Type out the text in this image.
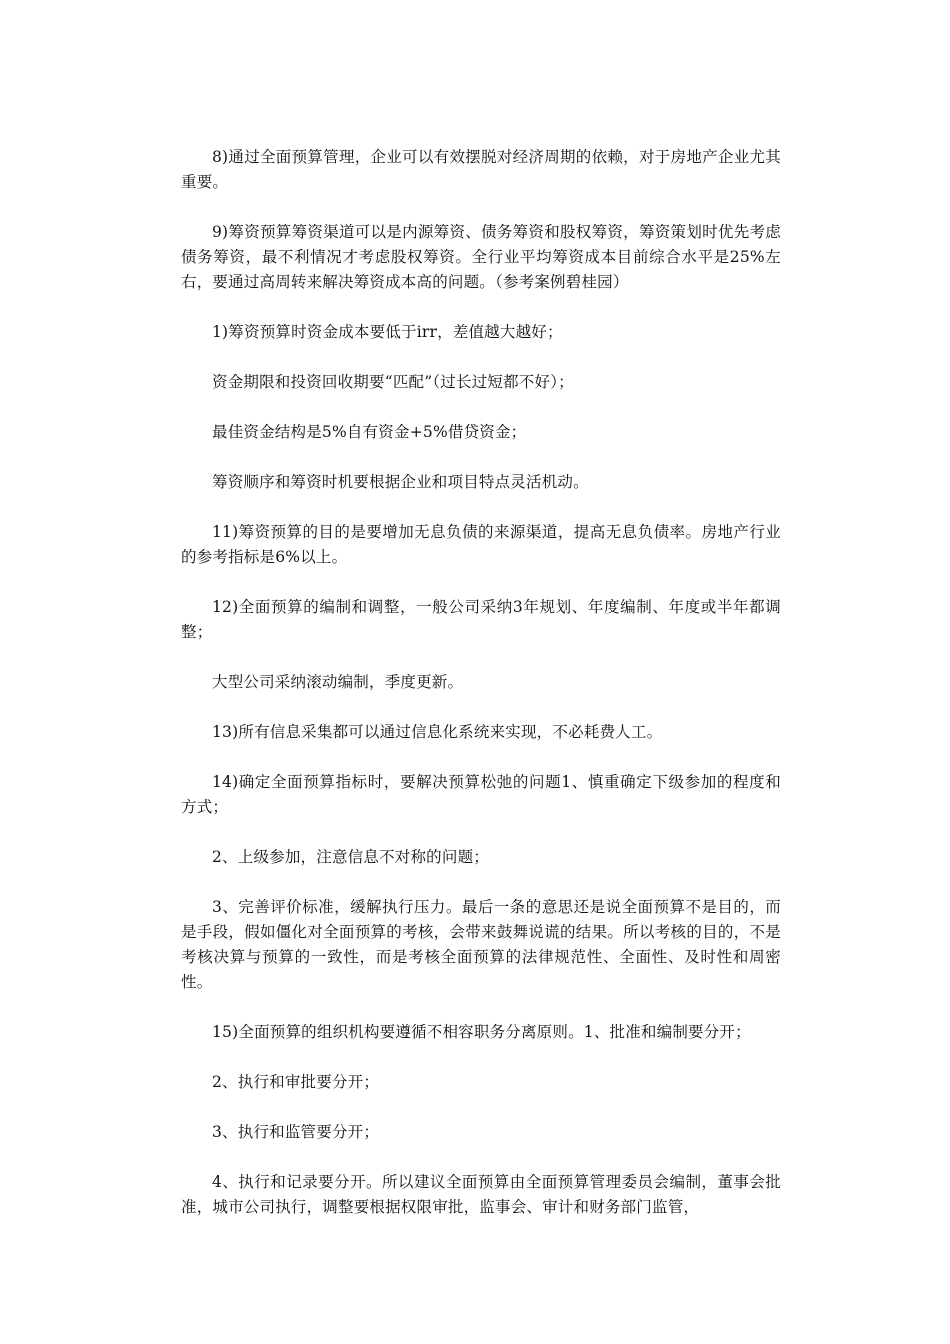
8)通过全面预算管理，企业可以有效摆脱对经济周期的依赖，对于房地产企业尤其重要。

9)筹资预算筹资渠道可以是内源筹资、债务筹资和股权筹资，筹资策划时优先考虑债务筹资，最不利情况才考虑股权筹资。全行业平均筹资成本目前综合水平是25%左右，要通过高周转来解决筹资成本高的问题。（参考案例碧桂园）

1)筹资预算时资金成本要低于irr，差值越大越好；

资金期限和投资回收期要“匹配”（过长过短都不好）；

最佳资金结构是5%自有资金+5%借贷资金；

筹资顺序和筹资时机要根据企业和项目特点灵活机动。

11)筹资预算的目的是要增加无息负债的来源渠道，提高无息负债率。房地产行业的参考指标是6%以上。

12)全面预算的编制和调整，一般公司采纳3年规划、年度编制、年度或半年都调整；

大型公司采纳滚动编制，季度更新。

13)所有信息采集都可以通过信息化系统来实现，不必耗费人工。

14)确定全面预算指标时，要解决预算松弛的问题1、慎重确定下级参加的程度和方式；

2、上级参加，注意信息不对称的问题；

3、完善评价标准，缓解执行压力。最后一条的意思还是说全面预算不是目的，而是手段，假如僵化对全面预算的考核，会带来鼓舞说谎的结果。所以考核的目的，不是考核决算与预算的一致性，而是考核全面预算的法律规范性、全面性、及时性和周密性。

15)全面预算的组织机构要遵循不相容职务分离原则。1、批准和编制要分开；

2、执行和审批要分开；

3、执行和监管要分开；

4、执行和记录要分开。所以建议全面预算由全面预算管理委员会编制，董事会批准，城市公司执行，调整要根据权限审批，监事会、审计和财务部门监管，
